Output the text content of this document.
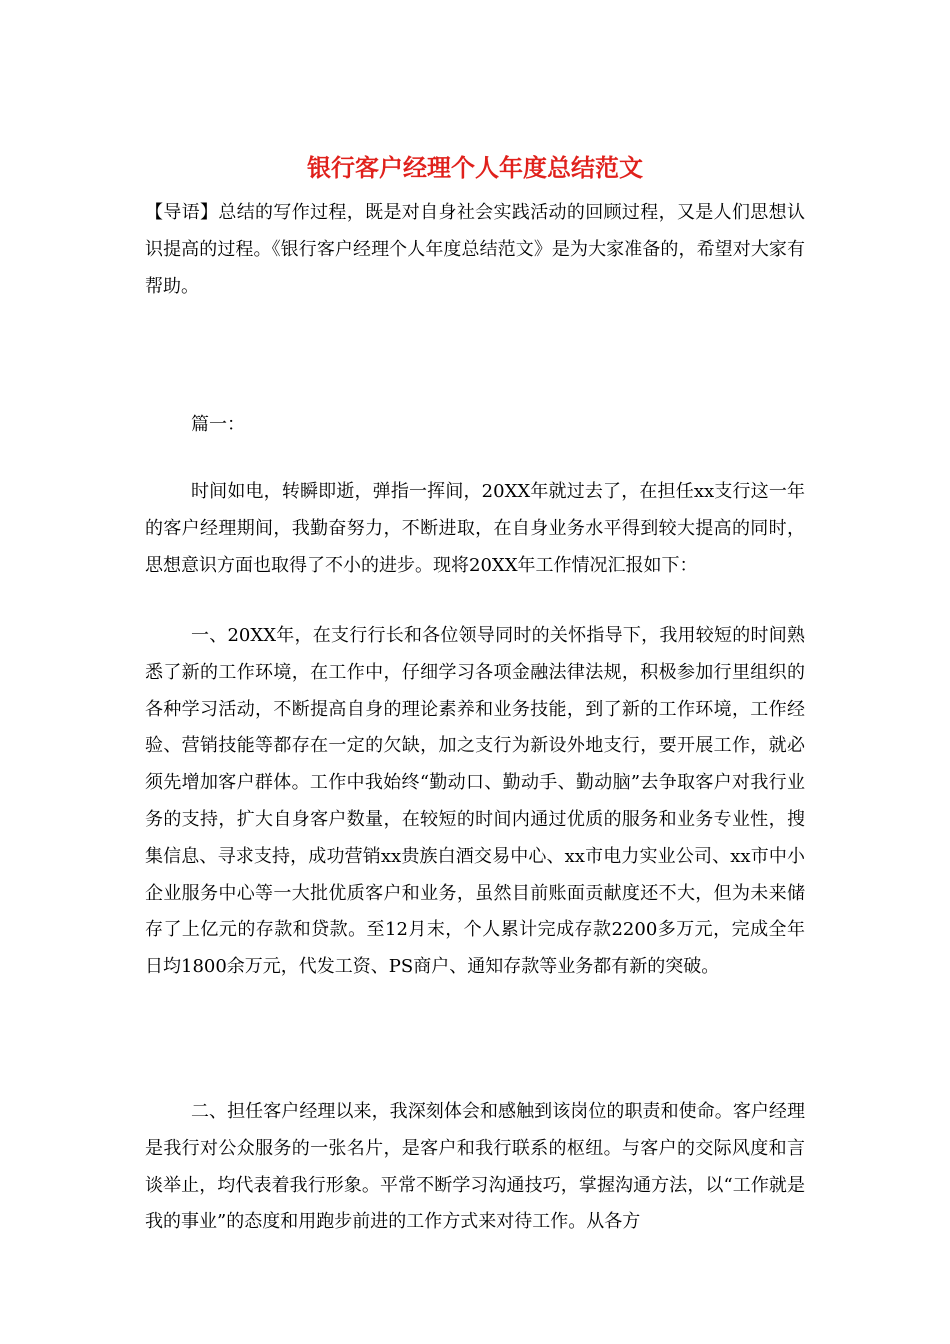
银行客户经理个人年度总结范文

【导语】总结的写作过程，既是对自身社会实践活动的回顾过程，又是人们思想认识提高的过程。《银行客户经理个人年度总结范文》是为大家准备的，希望对大家有帮助。

篇一：

时间如电，转瞬即逝，弹指一挥间，20XX年就过去了，在担任xx支行这一年的客户经理期间，我勤奋努力，不断进取，在自身业务水平得到较大提高的同时，思想意识方面也取得了不小的进步。现将20XX年工作情况汇报如下：

一、20XX年，在支行行长和各位领导同时的关怀指导下，我用较短的时间熟悉了新的工作环境，在工作中，仔细学习各项金融法律法规，积极参加行里组织的各种学习活动，不断提高自身的理论素养和业务技能，到了新的工作环境，工作经验、营销技能等都存在一定的欠缺，加之支行为新设外地支行，要开展工作，就必须先增加客户群体。工作中我始终“勤动口、勤动手、勤动脑”去争取客户对我行业务的支持，扩大自身客户数量，在较短的时间内通过优质的服务和业务专业性，搜集信息、寻求支持，成功营销xx贵族白酒交易中心、xx市电力实业公司、xx市中小企业服务中心等一大批优质客户和业务，虽然目前账面贡献度还不大，但为未来储存了上亿元的存款和贷款。至12月末，个人累计完成存款2200多万元，完成全年日均1800余万元，代发工资、PS商户、通知存款等业务都有新的突破。

二、担任客户经理以来，我深刻体会和感触到该岗位的职责和使命。客户经理是我行对公众服务的一张名片，是客户和我行联系的枢纽。与客户的交际风度和言谈举止，均代表着我行形象。平常不断学习沟通技巧，掌握沟通方法，以“工作就是我的事业”的态度和用跑步前进的工作方式来对待工作。从各方
